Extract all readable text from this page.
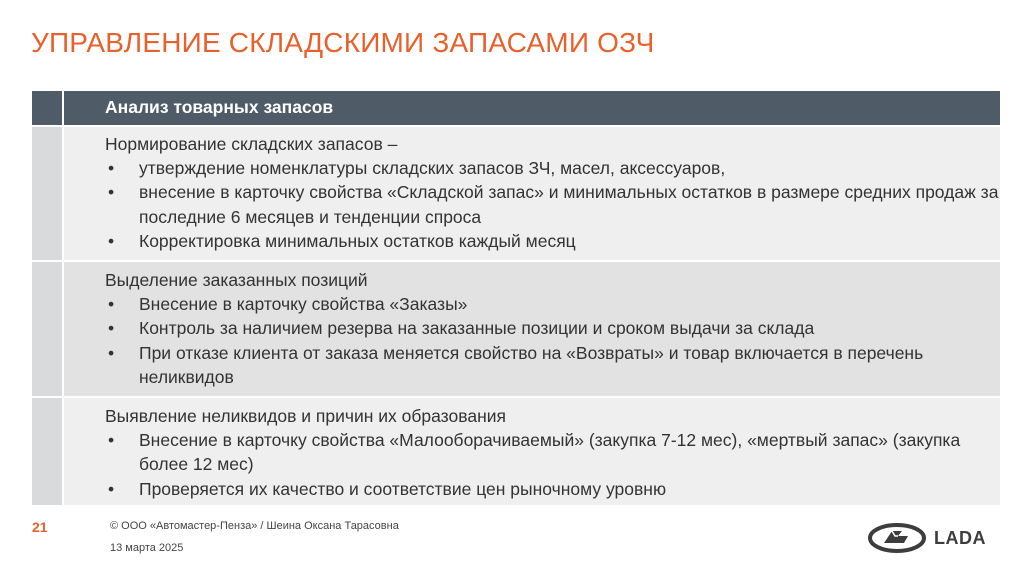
УПРАВЛЕНИЕ СКЛАДСКИМИ ЗАПАСАМИ ОЗЧ
Анализ товарных запасов
Нормирование складских запасов –
• утверждение номенклатуры складских запасов ЗЧ, масел, аксессуаров,
• внесение в карточку свойства «Складской запас» и минимальных остатков в размере средних продаж за последние 6 месяцев и тенденции спроса
• Корректировка минимальных остатков каждый месяц
Выделение заказанных позиций
• Внесение в карточку свойства «Заказы»
• Контроль за наличием резерва на заказанные позиции и сроком выдачи за склада
• При отказе клиента от заказа меняется свойство на «Возвраты» и товар включается в перечень неликвидов
Выявление неликвидов и причин их образования
• Внесение в карточку свойства «Малооборачиваемый» (закупка 7-12 мес), «мертвый запас» (закупка более 12 мес)
• Проверяется их качество и соответствие цен рыночному уровню
21	© ООО «Автомастер-Пенза» / Шеина Оксана Тарасовна
13 марта 2025
LADA
